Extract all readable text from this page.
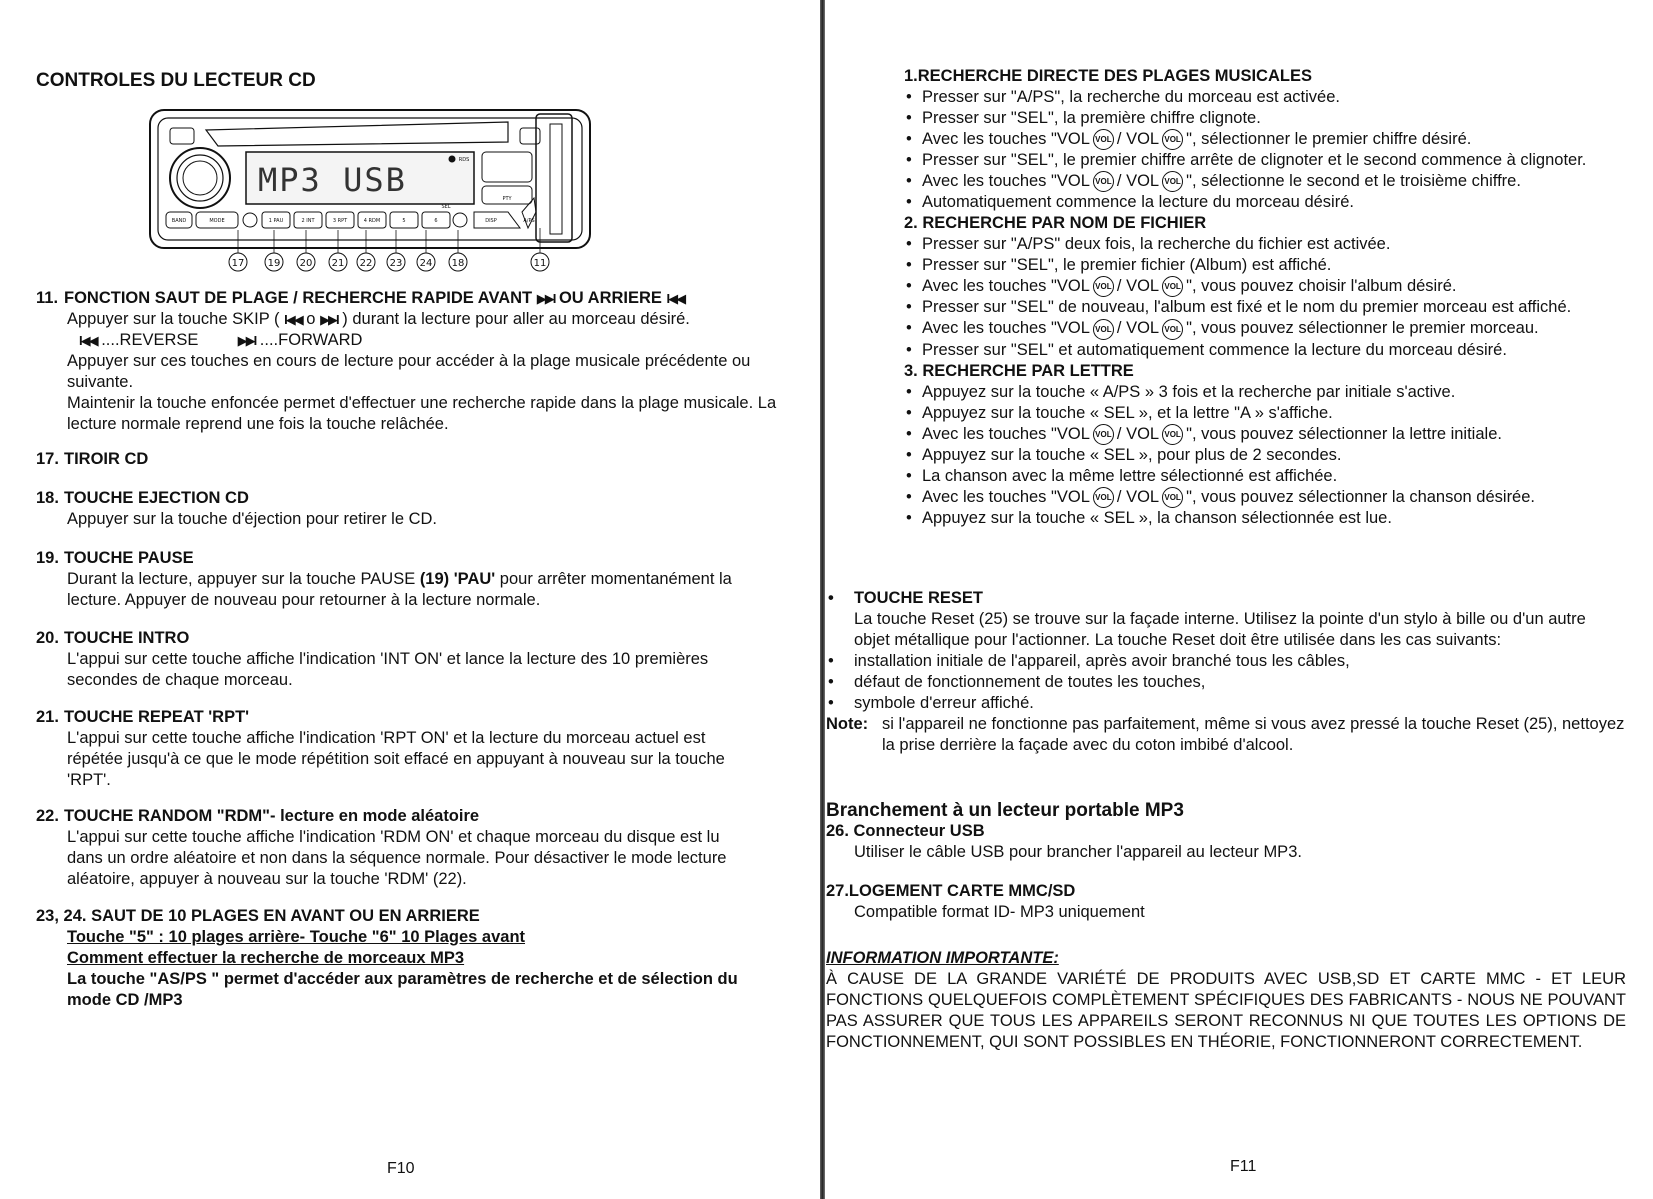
CONTROLES DU LECTEUR CD
MP3 USB
17 19 20 21 22 23 24 18	11
BAND	MODE	1 PAU	2 INT	3 RPT	4 RDM	5	6	DISP	A/PS
PTY
RDS
SEL
11. FONCTION SAUT DE PLAGE / RECHERCHE RAPIDE AVANT ▶▶I OU ARRIERE I◀◀
Appuyer sur la touche SKIP ( I◀◀ o ▶▶I ) durant la lecture pour aller au morceau désiré.
I◀◀ ....REVERSE	▶▶I ....FORWARD
Appuyer sur ces touches en cours de lecture pour accéder à la plage musicale précédente ou suivante.
Maintenir la touche enfoncée permet d'effectuer une recherche rapide dans la plage musicale. La lecture normale reprend une fois la touche relâchée.
17. TIROIR CD
18. TOUCHE EJECTION CD
Appuyer sur la touche d'éjection pour retirer le CD.
19. TOUCHE PAUSE
Durant la lecture, appuyer sur la touche PAUSE (19) 'PAU' pour arrêter momentanément la lecture. Appuyer de nouveau pour retourner à la lecture normale.
20. TOUCHE INTRO
L'appui sur cette touche affiche l'indication 'INT ON' et lance la lecture des 10 premières secondes de chaque morceau.
21. TOUCHE REPEAT 'RPT'
L'appui sur cette touche affiche l'indication 'RPT ON' et la lecture du morceau actuel est répétée jusqu'à ce que le mode répétition soit effacé en appuyant à nouveau sur la touche 'RPT'.
22. TOUCHE RANDOM "RDM"- lecture en mode aléatoire
L'appui sur cette touche affiche l'indication 'RDM ON' et chaque morceau du disque est lu dans un ordre aléatoire et non dans la séquence normale. Pour désactiver le mode lecture aléatoire, appuyer à nouveau sur la touche 'RDM' (22).
23, 24. SAUT DE 10 PLAGES EN AVANT OU EN ARRIERE
Touche "5" : 10 plages arrière- Touche "6" 10 Plages avant
Comment effectuer la recherche de morceaux MP3
La touche "AS/PS " permet d'accéder aux paramètres de recherche et de sélection du mode CD /MP3
F10
1.RECHERCHE DIRECTE DES PLAGES MUSICALES
• Presser sur "A/PS", la recherche du morceau est activée.
• Presser sur "SEL", la première chiffre clignote.
• Avec les touches "VOL VOL / VOL VOL ", sélectionner le premier chiffre désiré.
• Presser sur "SEL", le premier chiffre arrête de clignoter et le second commence à clignoter.
• Avec les touches "VOL VOL / VOL VOL ", sélectionne le second et le troisième chiffre.
• Automatiquement commence la lecture du morceau désiré.
2. RECHERCHE PAR NOM DE FICHIER
• Presser sur "A/PS" deux fois, la recherche du fichier est activée.
• Presser sur "SEL", le premier fichier (Album) est affiché.
• Avec les touches "VOL VOL / VOL VOL ", vous pouvez choisir l'album désiré.
• Presser sur "SEL" de nouveau, l'album est fixé et le nom du premier morceau est affiché.
• Avec les touches "VOL VOL / VOL VOL ", vous pouvez sélectionner le premier morceau.
• Presser sur "SEL" et automatiquement commence la lecture du morceau désiré.
3. RECHERCHE PAR LETTRE
• Appuyez sur la touche « A/PS » 3 fois et la recherche par initiale s'active.
• Appuyez sur la touche « SEL », et la lettre "A » s'affiche.
• Avec les touches "VOL VOL / VOL VOL ", vous pouvez sélectionner la lettre initiale.
• Appuyez sur la touche « SEL », pour plus de 2 secondes.
• La chanson avec la même lettre sélectionné est affichée.
• Avec les touches "VOL VOL / VOL VOL ", vous pouvez sélectionner la chanson désirée.
• Appuyez sur la touche « SEL », la chanson sélectionnée est lue.
• TOUCHE RESET
La touche Reset (25) se trouve sur la façade interne. Utilisez la pointe d'un stylo à bille ou d'un autre objet métallique pour l'actionner. La touche Reset doit être utilisée dans les cas suivants:
• installation initiale de l'appareil, après avoir branché tous les câbles,
• défaut de fonctionnement de toutes les touches,
• symbole d'erreur affiché.
Note: si l'appareil ne fonctionne pas parfaitement, même si vous avez pressé la touche Reset (25), nettoyez la prise derrière la façade avec du coton imbibé d'alcool.
Branchement à un lecteur portable MP3
26. Connecteur USB
Utiliser le câble USB pour brancher l'appareil au lecteur MP3.
27.LOGEMENT CARTE MMC/SD
Compatible format ID- MP3 uniquement
INFORMATION IMPORTANTE:
À CAUSE DE LA GRANDE VARIÉTÉ DE PRODUITS AVEC USB,SD ET CARTE MMC - ET LEUR FONCTIONS QUELQUEFOIS COMPLÈTEMENT SPÉCIFIQUES DES FABRICANTS - NOUS NE POUVANT PAS ASSURER QUE TOUS LES APPAREILS SERONT RECONNUS NI QUE TOUTES LES OPTIONS DE FONCTIONNEMENT, QUI SONT POSSIBLES EN THÉORIE, FONCTIONNERONT CORRECTEMENT.
F11
